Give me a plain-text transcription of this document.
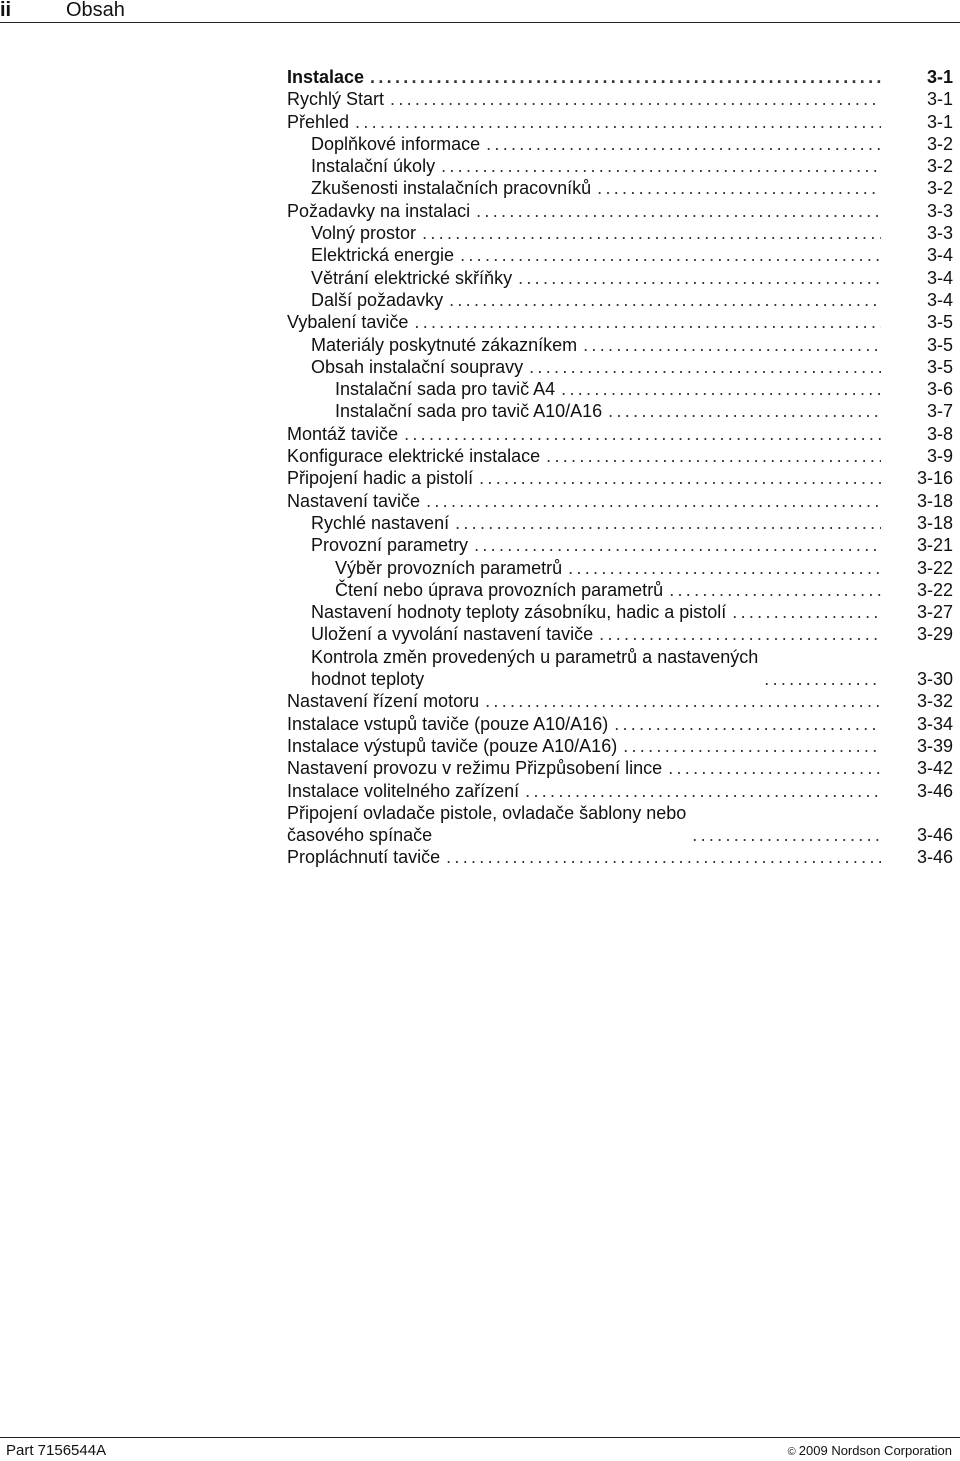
ii	Obsah
Instalace .....	3-1
Rychlý Start .....	3-1
Přehled .....	3-1
Doplňkové informace .....	3-2
Instalační úkoly .....	3-2
Zkušenosti instalačních pracovníků .....	3-2
Požadavky na instalaci .....	3-3
Volný prostor .....	3-3
Elektrická energie .....	3-4
Větrání elektrické skříňky .....	3-4
Další požadavky .....	3-4
Vybalení taviče .....	3-5
Materiály poskytnuté zákazníkem .....	3-5
Obsah instalační soupravy .....	3-5
Instalační sada pro tavič A4 .....	3-6
Instalační sada pro tavič A10/A16 .....	3-7
Montáž taviče .....	3-8
Konfigurace elektrické instalace .....	3-9
Připojení hadic a pistolí .....	3-16
Nastavení taviče .....	3-18
Rychlé nastavení .....	3-18
Provozní parametry .....	3-21
Výběr provozních parametrů .....	3-22
Čtení nebo úprava provozních parametrů .....	3-22
Nastavení hodnoty teploty zásobníku, hadic a pistolí .....	3-27
Uložení a vyvolání nastavení taviče .....	3-29
Kontrola změn provedených u parametrů a nastavených
hodnot teploty .....	3-30
Nastavení řízení motoru .....	3-32
Instalace vstupů taviče (pouze A10/A16) .....	3-34
Instalace výstupů taviče (pouze A10/A16) .....	3-39
Nastavení provozu v režimu Přizpůsobení lince .....	3-42
Instalace volitelného zařízení .....	3-46
Připojení ovladače pistole, ovladače šablony nebo
časového spínače .....	3-46
Propláchnutí taviče .....	3-46
Part 7156544A	© 2009 Nordson Corporation
